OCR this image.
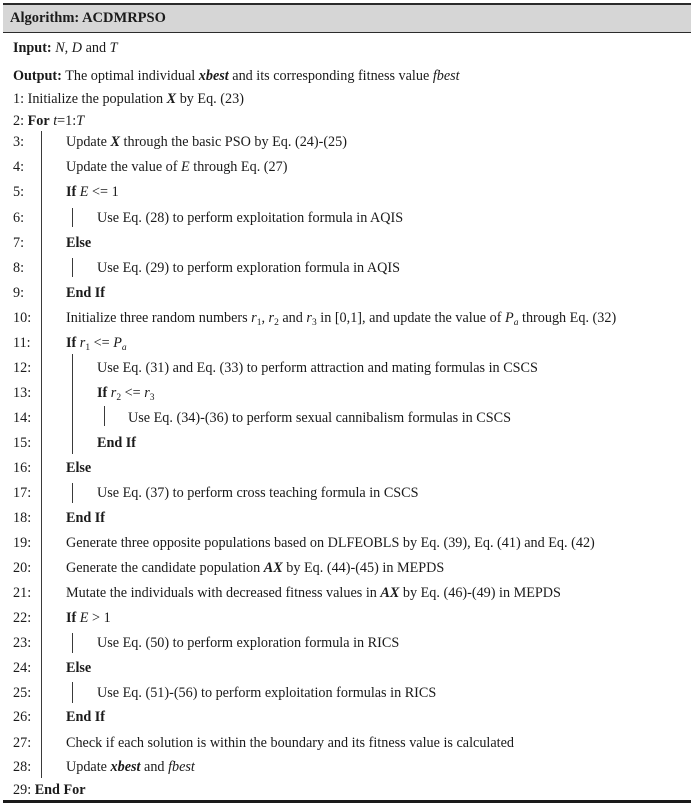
Algorithm: ACDMRPSO
Input: N, D and T
Output: The optimal individual xbest and its corresponding fitness value fbest
1: Initialize the population X by Eq. (23)
2: For t=1:T
3:	Update X through the basic PSO by Eq. (24)-(25)
4:	Update the value of E through Eq. (27)
5:	If E <= 1
6:	Use Eq. (28) to perform exploitation formula in AQIS
7:	Else
8:	Use Eq. (29) to perform exploration formula in AQIS
9:	End If
10: Initialize three random numbers $r_1$, $r_2$ and $r_3$ in [0,1], and update the value of $P_a$ through Eq. (32)
11: If $r_1 <= P_a$
12:	Use Eq. (31) and Eq. (33) to perform attraction and mating formulas in CSCS
13:	If $r_2 <= r_3$
14:	Use Eq. (34)-(36) to perform sexual cannibalism formulas in CSCS
15:	End If
16: Else
17:	Use Eq. (37) to perform cross teaching formula in CSCS
18: End If
19: Generate three opposite populations based on DLFEOBLS by Eq. (39), Eq. (41) and Eq. (42)
20: Generate the candidate population AX by Eq. (44)-(45) in MEPDS
21: Mutate the individuals with decreased fitness values in AX by Eq. (46)-(49) in MEPDS
22: If E > 1
23:	Use Eq. (50) to perform exploration formula in RICS
24: Else
25:	Use Eq. (51)-(56) to perform exploitation formulas in RICS
26: End If
27: Check if each solution is within the boundary and its fitness value is calculated
28: Update xbest and fbest
29: End For
